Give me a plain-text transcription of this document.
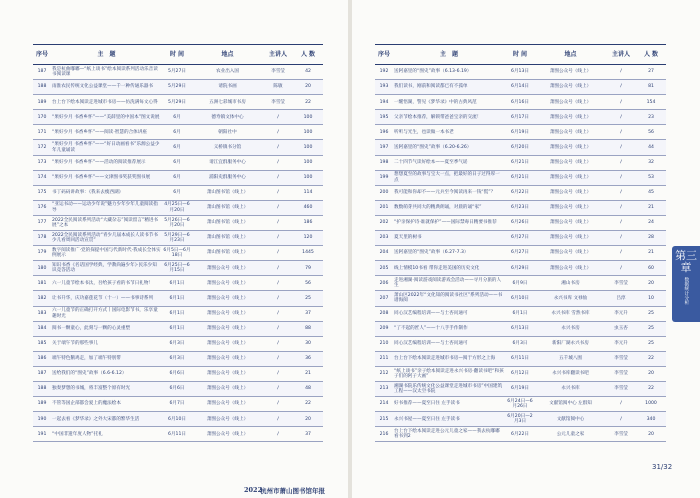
序号	主　题	时 间	地点	主讲人	人 数
187	我是杭曲嘟嘟—“纸上谈书”绘本阅读系列活动乐音读书阅读课	5月27日	农业出入国	李雪莹	42
188	雨淮农民传统文化公益课堂——千一种传通乐器书	5月29日	请院书画	陈敏	20
189	台上台下绘本阅读走进城市书房——仿洗满每文心得	5月29日	五洲七彩城市书房	李雪莹	22
170	“果好少月 书香乡怀”——“美薛里的中国本”图文说展	6月	德寿镇文体中心	/	100
171	“果好少月 书香乡怀”——阅读·智慧的合体讲座	6月	朝阳社中	/	100
172	“果好少月 书香乡怀”——“好日动画看书”乐源公益少年儿童诵读	6月	义桥镇书分馆	/	100
173	“果好少月 书香乡怀”——活动的阅读推荐展示	6月	请江宜群服务中心	/	100
174	“果好少月 书香乡怀”——文津图书奖获奖图书展	6月	浦阳史群服务中心	/	100
175	书丁码码讲故事：《我来去瘦西湖》	6月	萧山图书馆（线上）	/	114
176	“亚运书动——运动少年说”魅力少年少年儿童阅读指导	4月25日—6月20日	萧山图书馆（线上）	/	460
177	2022全民阅读系列活动“大藏杂志”阅读留言”精进书展”之本	5月26日—6月20日	萧山图书馆（线上）	/	186
178	2022全民阅读系列活动“青少几届本成长人读书节书少儿看周回活动宣贯”	5月29日—6月23日	萧山图书馆（线上）	/	120
179	数字阅读推广·党的探提中国与代新时代·我成长全体实例展示	6月5日—6月18日	萧山图书馆（线上）	/	1445
180	知识书香《名话国学经典，学教尚遍少年》·民乐少知识竞答活动	6月25日—6月15日	萧图公众号（线上）	/	79
181	六一儿童节绘本书汰，吾给孩子看的书节日礼物！	6月1日	萧图公众号（线上）	/	56
182	让书升华，庆功嘉莲花节（十一）——书事诗系列	6月1日	萧图公众号（线上）	/	25
183	六一儿童节的正确打开方式丨国际电影节书，乐享童趣时光	6月1日	萧图公众号（线上）	/	37
184	阅书一颗童心，此刻与一颗的心灵重塑	6月1日	萧图公众号（线上）	/	88
185	关于端午节的那些事儿	6月3日	萧图公众号（线上）	/	30
186	端午特色鹅鸡走，加了端午特别带	6月3日	萧图公众号（线上）	/	36
187	送给我们的“图史”故事（6.6-6.12）	6月6日	萧图公众号（线上）	/	21
188	独奏梦想的书城，将丰富整个原有时光	6月6日	萧图公众号（线上）	/	48
189	不管等国企部都会爱上的魔法绘本	6月7日	萧图公众号（线上）	/	22
190	一起去看《梦华录》之外大宋都的繁华生活	6月10日	萧图公众号（线上）	/	20
191	“中国非遗年度人物”托礼	6月11日	萧图公众号（线上）	/	37
序号	主　题	时 间	地点	主讲人	人 数
192	送阿嘉里的“图史”故事（6.13-6.19）	6月13日	萧图公众号（线上）	/	27
193	我们读书，刚前和阅读都已有不孤单	6月14日	萧图公众号（线上）	/	81
194	一醒悟湖，警见《梦华录》中的古典风范	6月16日	萧图公众号（线上）	/	154
195	父亲节绘本推荐，解锁带爸爸宝亲的交流！	6月17日	萧图公众号（线上）	/	23
196	听听与光生，也读做一本书老	6月19日	萧图公众号（线上）	/	56
197	送阿嘉里的“图史”故事（6.20-6.26）	6月20日	萧图公众号（线上）	/	44
198	二十四节气读好绘本——夏至季气谣	6月21日	萧图公众号（线上）	/	32
199	想想夏至的故事与宝大一点，把最好的日子过得厚一点	6月21日	萧图公众号（线上）	/	53
200	我可能和你却不——元兵至今阅读再来一钱“慌”？	6月22日	萧图公众号（线上）	/	45
201	数数萌芽共同大的精典朗诵，对晨的诵“家”	6月23日	萧图公众号（线上）	/	21
202	“护亲保护诗·谁就保护”——国际禁毒日精要书推荐	6月26日	萧图公众号（线上）	/	24
203	夏天里的树书	6月27日	萧图公众号（线上）	/	28
204	送阿嘉里的“图史”故事（6.27-7.3）	6月27日	萧图公众号（线上）	/	21
205	线上情模10书看 带你走进美国的历史文化	6月29日	萧图公众号（线上）	/	60
206	走进湘湖·阅读游戏阅读游戏会活动——寻月分旅的人生	6月9日	湘山书房	李雪莹	20
207	萧山区2022年“文化知的阅读书社区”系列活动——书谱海阅	6月10日	永兴书库 文禄仙	吕淳	10
208	同心汉艺编程培训——与士杏问通可	6月1日	永兴书库 雪然书库	李元升	25
209	“了不起的匠人”——十八手手作制作	6月13日	永兴书房	虫玉杏	25
210	同心汉艺编程培训——与士杏问通可	6月3日	新阳厂湖永兴书房	李元升	25
211	台上台下绘本阅读走进城市书房—阅于方形之上海	6月11日	五千城八围	李雪莹	22
212	“纸上谈书”亲子绘本阅读走进永兴书房·翻读书吧“和孩子们的阿子大画”	6月12日	永兴书库翻读书吧	李雪莹	20
213	湘湖书院乐传统文化公益课堂走进城市书房”中国建筑工程——汉太空书院	6月19日	永兴书库	李雪莹	22
214	好书推荐——夏至日住 左手读书	6月24日—6月26日	文献馆阅中心 左群知	/	1000
215	永兴书屋——夏至日住 左手读书	6月20日—2月3日	文献馆阅中心	/	340
216	台上台下绘本阅读走进公元儿童之家——我去杭嘟嘟看书到2	6月22日	公元儿童之家	李雪莹	20
第三章
数据统计分析
2022
杭州市萧山图书馆年报
31/32
